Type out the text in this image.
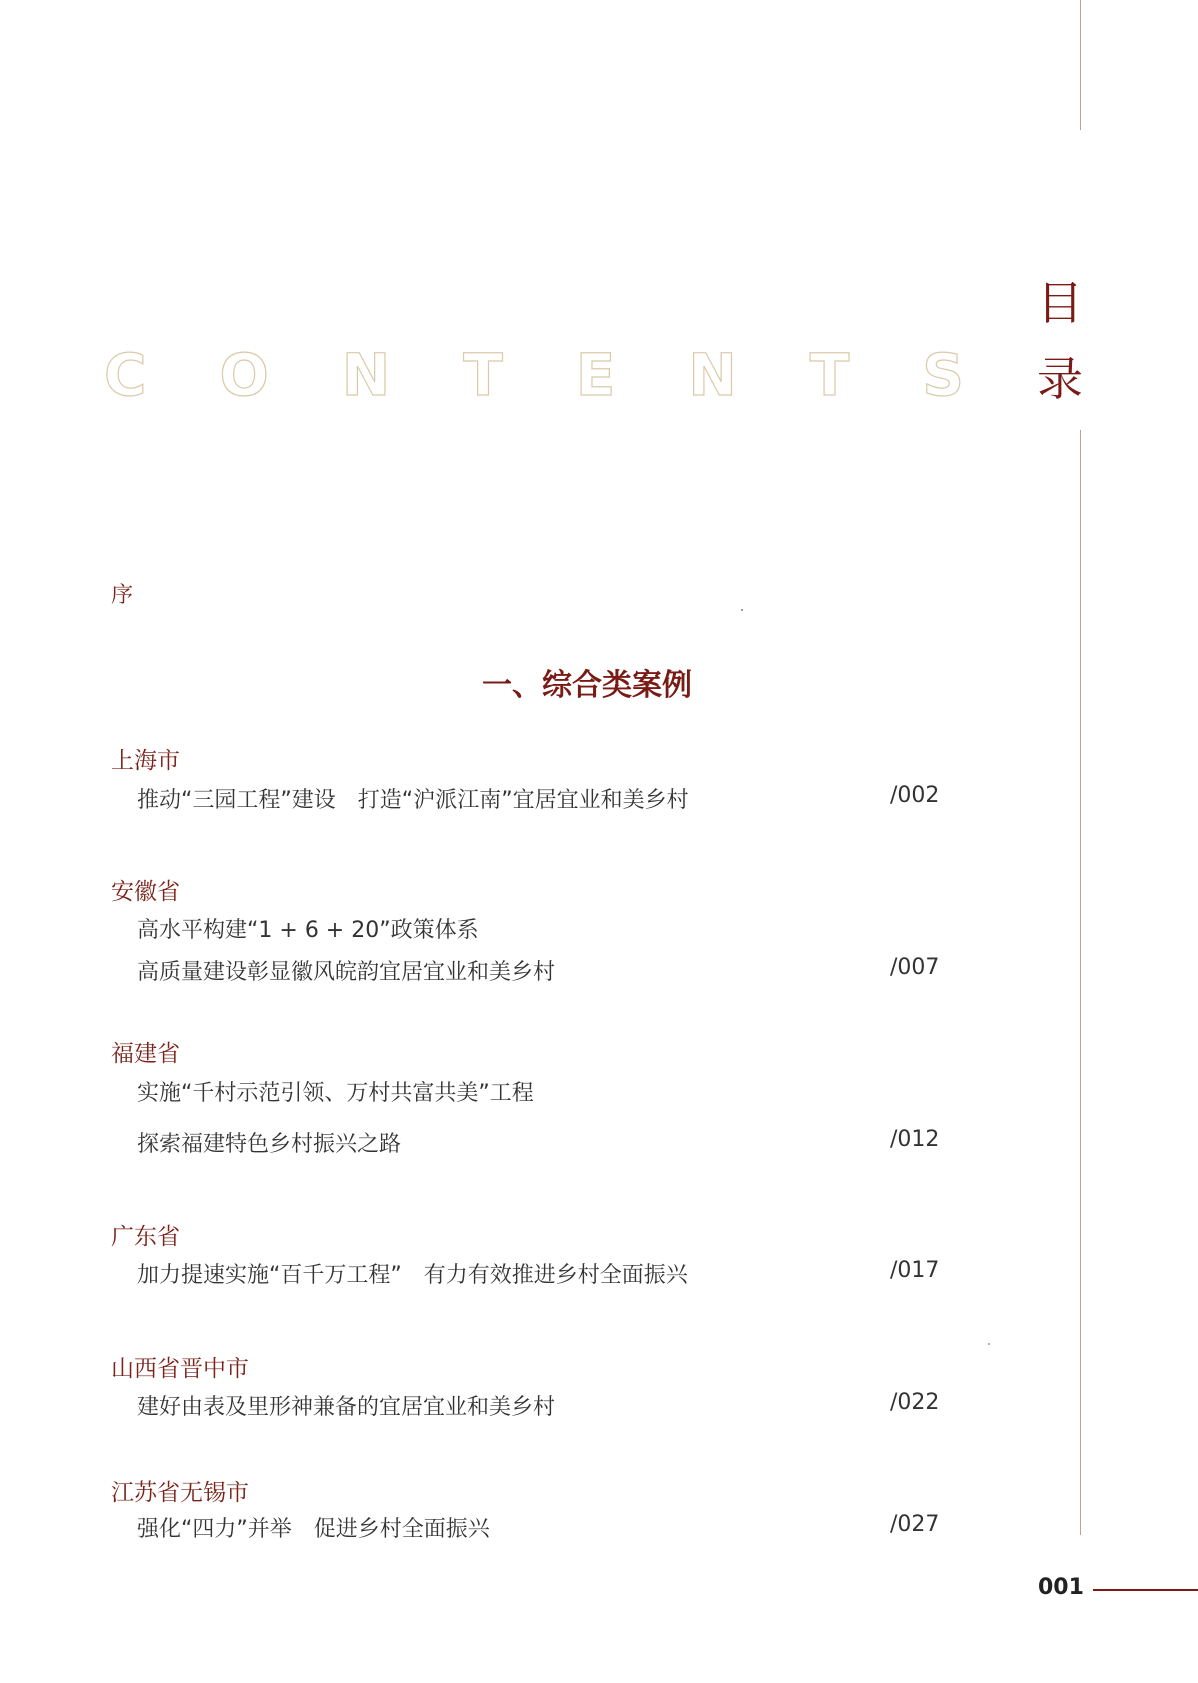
目
录
C O N T E N T S
序
一、综合类案例
上海市
推动“三园工程”建设　打造“沪派江南”宜居宜业和美乡村	/002
安徽省
高水平构建“1 + 6 + 20”政策体系
高质量建设彰显徽风皖韵宜居宜业和美乡村	/007
福建省
实施“千村示范引领、万村共富共美”工程
探索福建特色乡村振兴之路	/012
广东省
加力提速实施“百千万工程”　有力有效推进乡村全面振兴	/017
山西省晋中市
建好由表及里形神兼备的宜居宜业和美乡村	/022
江苏省无锡市
强化“四力”并举　促进乡村全面振兴	/027
001
